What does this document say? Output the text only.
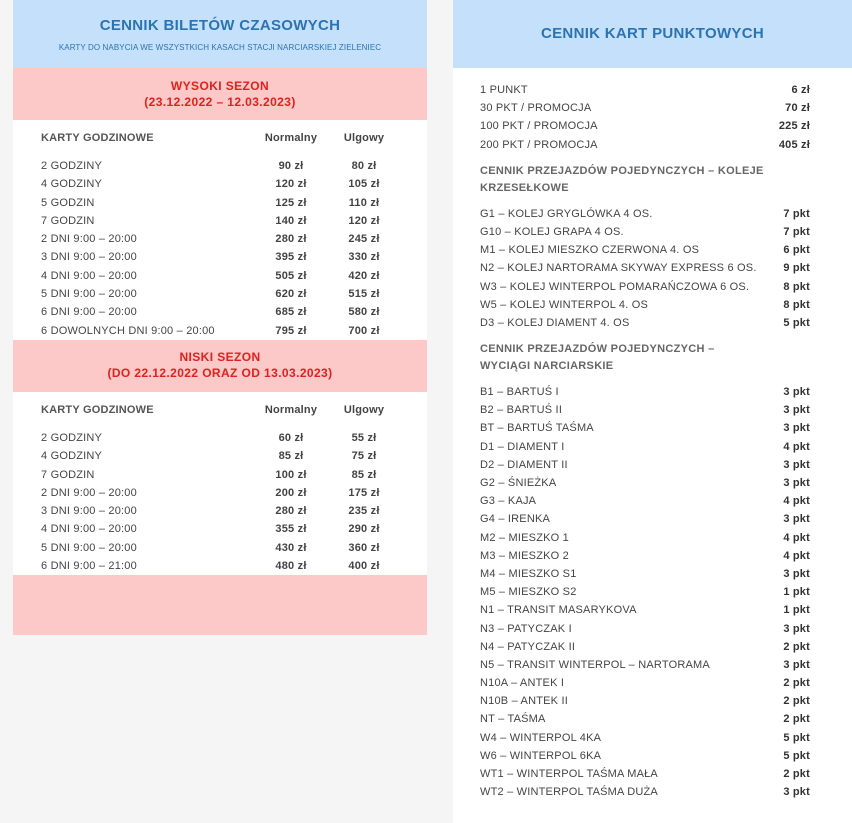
CENNIK BILETÓW CZASOWYCH
KARTY DO NABYCIA WE WSZYSTKICH KASACH STACJI NARCIARSKIEJ ZIELENIEC
WYSOKI SEZON
(23.12.2022 – 12.03.2023)
KARTY GODZINOWE	Normalny	Ulgowy
2 GODZINY	90 zł	80 zł
4 GODZINY	120 zł	105 zł
5 GODZIN	125 zł	110 zł
7 GODZIN	140 zł	120 zł
2 DNI 9:00 – 20:00	280 zł	245 zł
3 DNI 9:00 – 20:00	395 zł	330 zł
4 DNI 9:00 – 20:00	505 zł	420 zł
5 DNI 9:00 – 20:00	620 zł	515 zł
6 DNI 9:00 – 20:00	685 zł	580 zł
6 DOWOLNYCH DNI 9:00 – 20:00	795 zł	700 zł
NISKI SEZON
(DO 22.12.2022 ORAZ OD 13.03.2023)
KARTY GODZINOWE	Normalny	Ulgowy
2 GODZINY	60 zł	55 zł
4 GODZINY	85 zł	75 zł
7 GODZIN	100 zł	85 zł
2 DNI 9:00 – 20:00	200 zł	175 zł
3 DNI 9:00 – 20:00	280 zł	235 zł
4 DNI 9:00 – 20:00	355 zł	290 zł
5 DNI 9:00 – 20:00	430 zł	360 zł
6 DNI 9:00 – 21:00	480 zł	400 zł
CENNIK KART PUNKTOWYCH
1 PUNKT	6 zł
30 PKT / PROMOCJA	70 zł
100 PKT / PROMOCJA	225 zł
200 PKT / PROMOCJA	405 zł
CENNIK PRZEJAZDÓW POJEDYNCZYCH – KOLEJE
KRZESEŁKOWE
G1 – KOLEJ GRYGLÓWKA 4 OS.	7 pkt
G10 – KOLEJ GRAPA 4 OS.	7 pkt
M1 – KOLEJ MIESZKO CZERWONA 4. OS	6 pkt
N2 – KOLEJ NARTORAMA SKYWAY EXPRESS 6 OS. 9 pkt
W3 – KOLEJ WINTERPOL POMARAŃCZOWA 6 OS.	8 pkt
W5 – KOLEJ WINTERPOL 4. OS	8 pkt
D3 – KOLEJ DIAMENT 4. OS	5 pkt
CENNIK PRZEJAZDÓW POJEDYNCZYCH –
WYCIĄGI NARCIARSKIE
B1 – BARTUŚ I	3 pkt
B2 – BARTUŚ II	3 pkt
BT – BARTUŚ TAŚMA	3 pkt
D1 – DIAMENT I	4 pkt
D2 – DIAMENT II	3 pkt
G2 – ŚNIEŻKA	3 pkt
G3 – KAJA	4 pkt
G4 – IRENKA	3 pkt
M2 – MIESZKO 1	4 pkt
M3 – MIESZKO 2	4 pkt
M4 – MIESZKO S1	3 pkt
M5 – MIESZKO S2	1 pkt
N1 – TRANSIT MASARYKOVA	1 pkt
N3 – PATYCZAK I	3 pkt
N4 – PATYCZAK II	2 pkt
N5 – TRANSIT WINTERPOL – NARTORAMA	3 pkt
N10A – ANTEK I	2 pkt
N10B – ANTEK II	2 pkt
NT – TAŚMA	2 pkt
W4 – WINTERPOL 4KA	5 pkt
W6 – WINTERPOL 6KA	5 pkt
WT1 – WINTERPOL TAŚMA MAŁA	2 pkt
WT2 – WINTERPOL TAŚMA DUŻA	3 pkt
